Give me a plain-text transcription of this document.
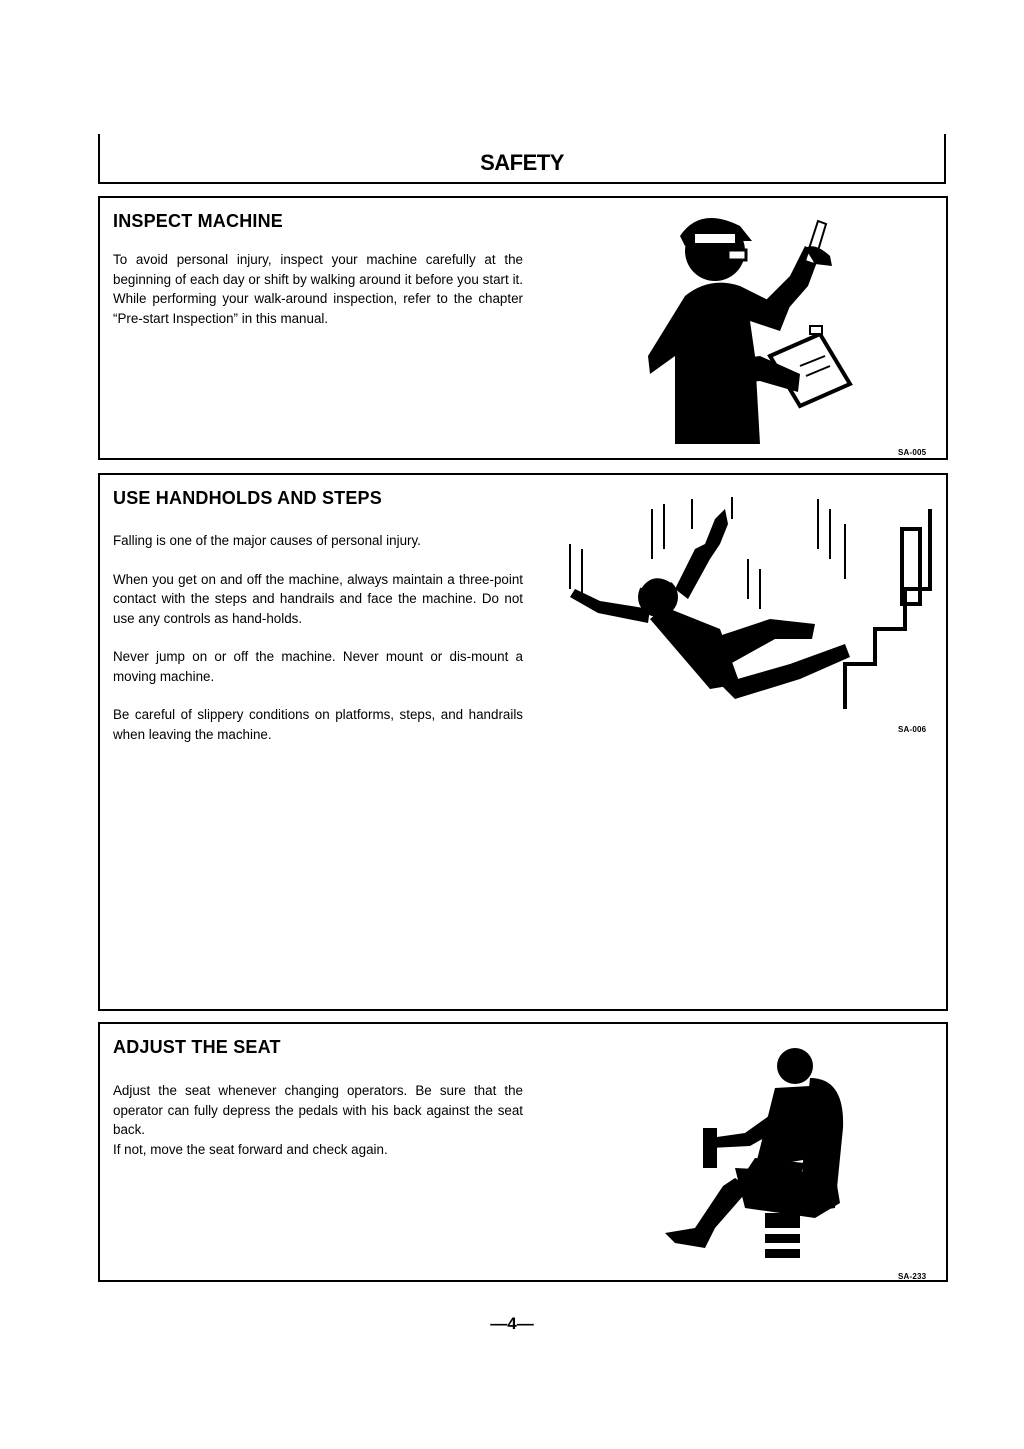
SAFETY
INSPECT MACHINE

To avoid personal injury, inspect your machine carefully at the beginning of each day or shift by walking around it before you start it. While performing your walk-around inspection, refer to the chapter “Pre-start Inspection” in this manual.

SA-005
USE HANDHOLDS AND STEPS

Falling is one of the major causes of personal injury.

When you get on and off the machine, always maintain a three-point contact with the steps and handrails and face the machine. Do not use any controls as hand-holds.

Never jump on or off the machine. Never mount or dis-mount a moving machine.

Be careful of slippery conditions on platforms, steps, and handrails when leaving the machine.	SA-006
ADJUST THE SEAT

Adjust the seat whenever changing operators. Be sure that the operator can fully depress the pedals with his back against the seat back.

If not, move the seat forward and check again.

SA-233
—4—
